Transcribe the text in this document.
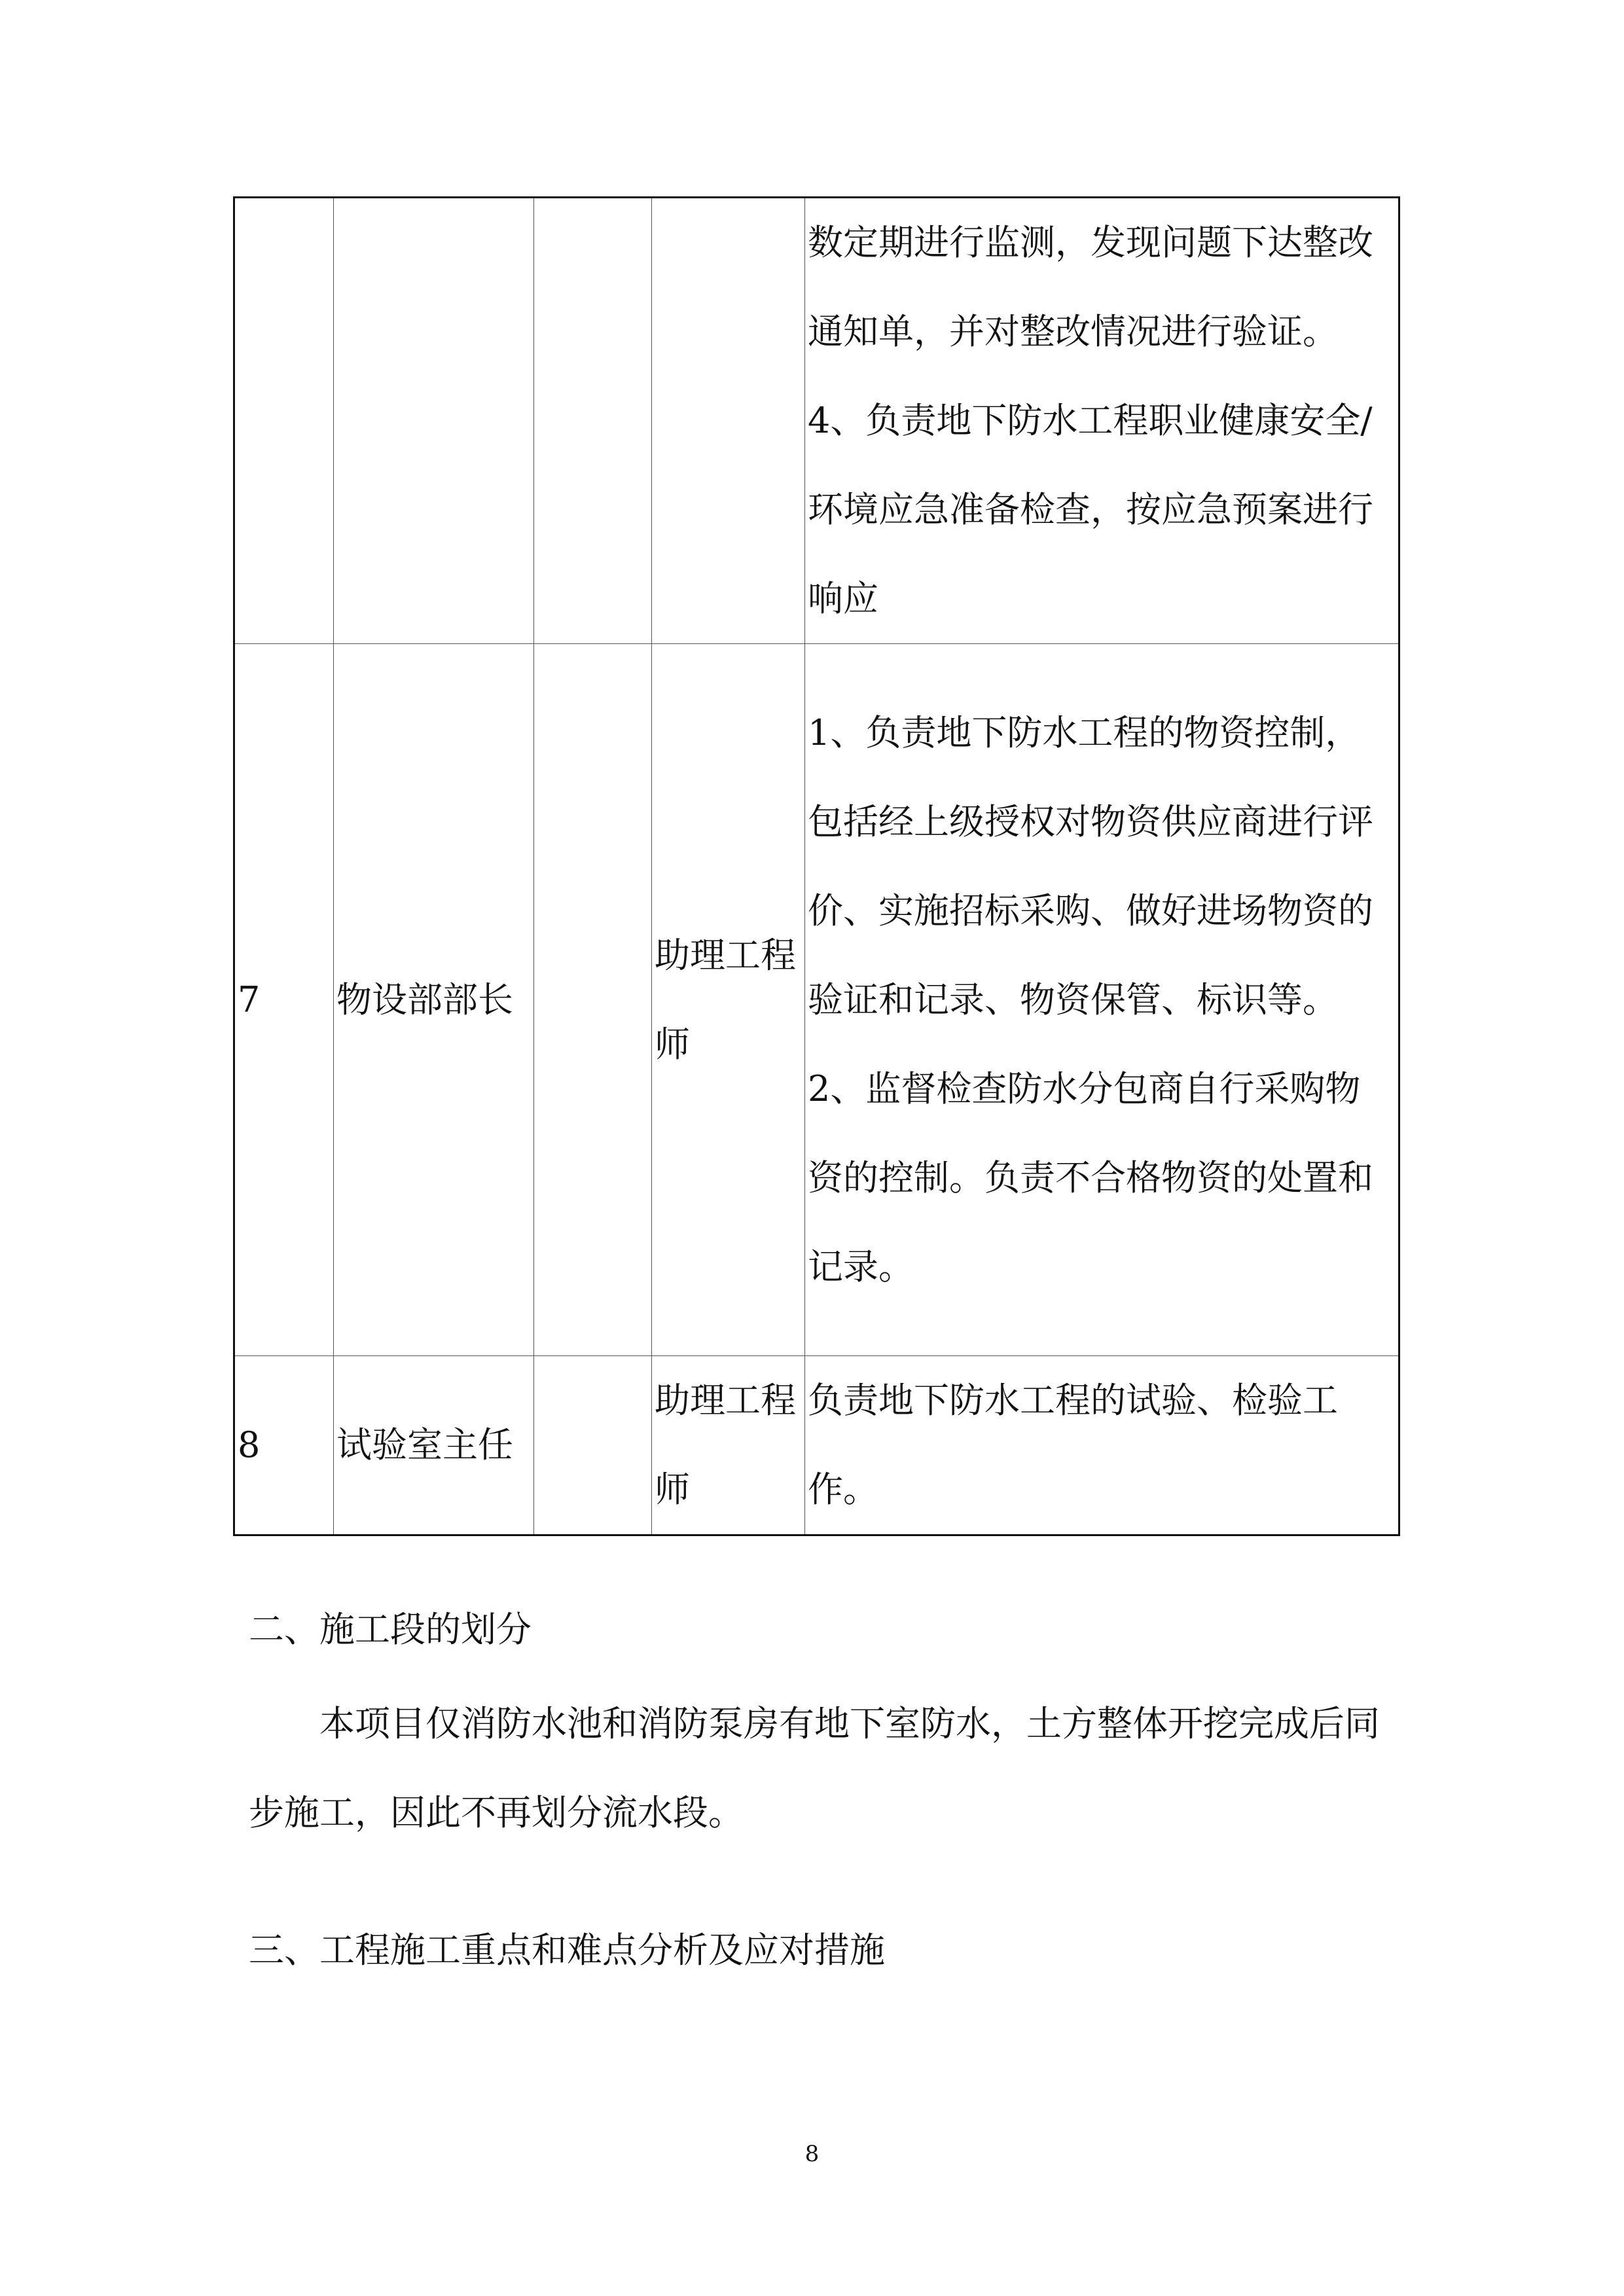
				数定期进行监测，发现问题下达整改通知单，并对整改情况进行验证。
4、负责地下防水工程职业健康安全/环境应急准备检查，按应急预案进行响应

7	物设部部长		助理工程师	1、负责地下防水工程的物资控制，包括经上级授权对物资供应商进行评价、实施招标采购、做好进场物资的验证和记录、物资保管、标识等。
2、监督检查防水分包商自行采购物资的控制。负责不合格物资的处置和记录。

8	试验室主任		助理工程师	负责地下防水工程的试验、检验工作。
二、施工段的划分
本项目仅消防水池和消防泵房有地下室防水，土方整体开挖完成后同步施工，因此不再划分流水段。
三、工程施工重点和难点分析及应对措施
8
